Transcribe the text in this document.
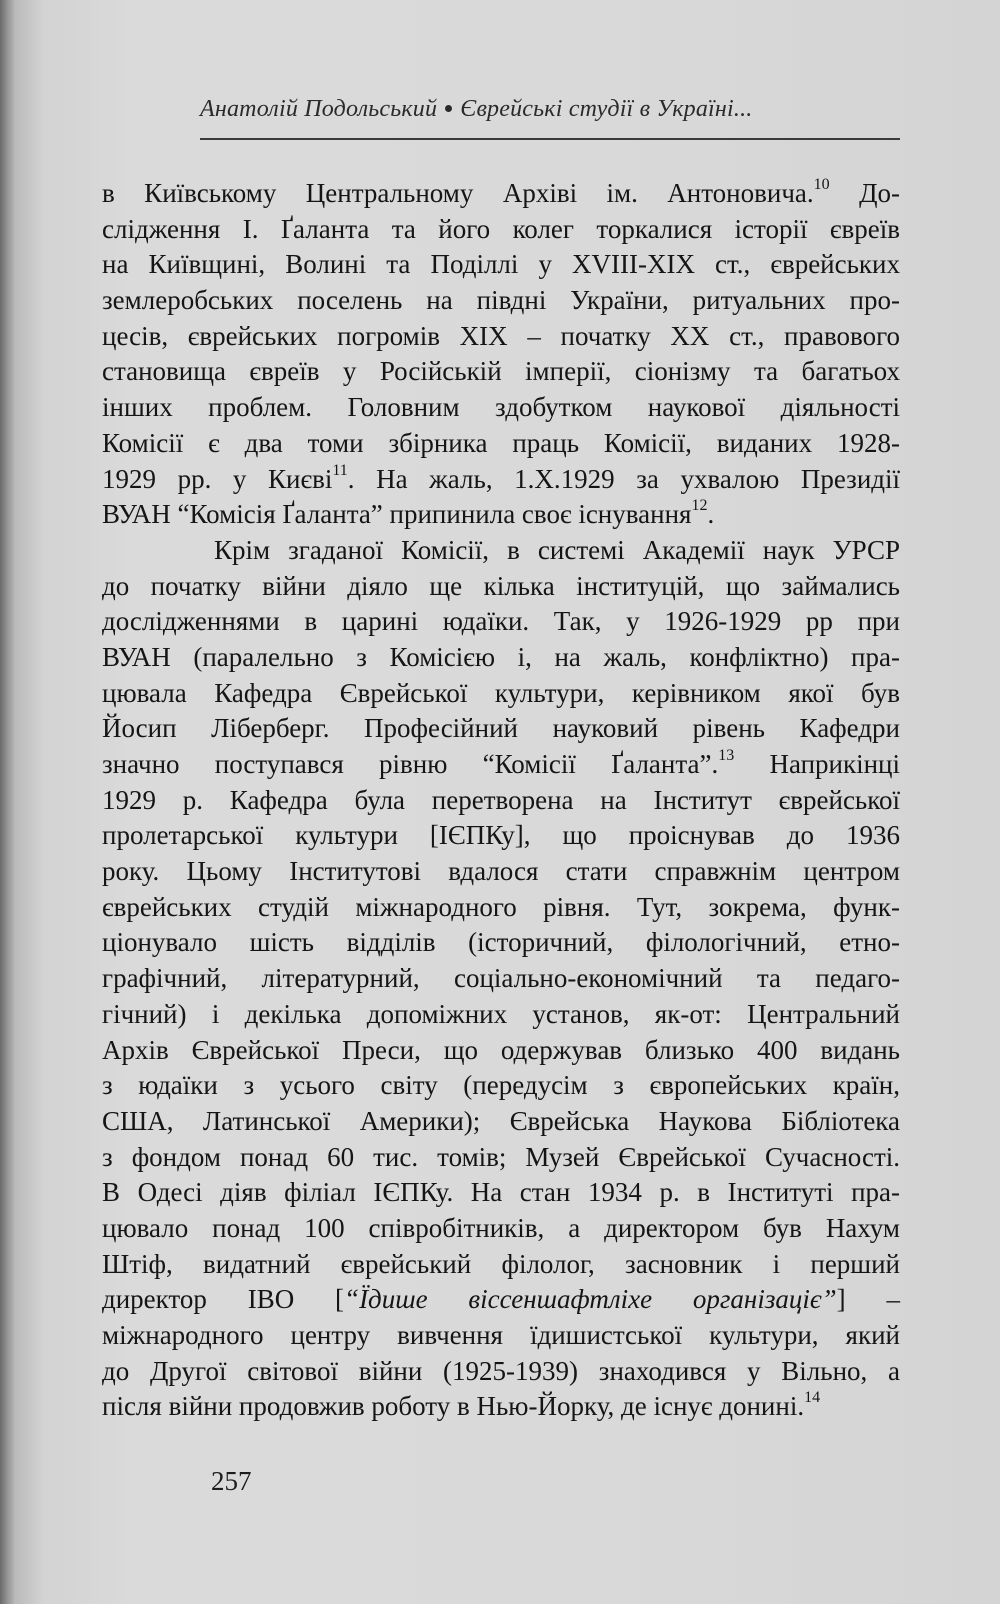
Анатолій Подольський Єврейські студії в Україні...
в Київському Центральному Архіві ім. Антоновича.$^{10}$ До-
слідження І. Ґаланта та його колег торкалися історії євреїв
на Київщині, Волині та Поділлі у XVIII-XIX ст., єврейських
землеробських поселень на півдні України, ритуальних про-
цесів, єврейських погромів XIX – початку XX ст., правового
становища євреїв у Російській імперії, сіонізму та багатьох
інших проблем. Головним здобутком наукової діяльності
Комісії є два томи збірника праць Комісії, виданих 1928-
1929 рр. у Києві$^{11}$. На жаль, 1.X.1929 за ухвалою Президії
ВУАН “Комісія Ґаланта” припинила своє існування$^{12}$.
Крім згаданої Комісії, в системі Академії наук УРСР
до початку війни діяло ще кілька інституцій, що займались
дослідженнями в царині юдаїки. Так, у 1926-1929 рр при
ВУАН (паралельно з Комісією і, на жаль, конфліктно) пра-
цювала Кафедра Єврейської культури, керівником якої був
Йосип Ліберберг. Професійний науковий рівень Кафедри
значно поступався рівню “Комісії Ґаланта”.$^{13}$ Наприкінці
1929 р. Кафедра була перетворена на Інститут єврейської
пролетарської культури [ІЄПКу], що проіснував до 1936
року. Цьому Інститутові вдалося стати справжнім центром
єврейських студій міжнародного рівня. Тут, зокрема, функ-
ціонувало шість відділів (історичний, філологічний, етно-
графічний, літературний, соціально-економічний та педаго-
гічний) і декілька допоміжних установ, як-от: Центральний
Архів Єврейської Преси, що одержував близько 400 видань
з юдаїки з усього світу (передусім з європейських країн,
США, Латинської Америки); Єврейська Наукова Бібліотека
з фондом понад 60 тис. томів; Музей Єврейської Сучасності.
В Одесі діяв філіал ІЄПКу. На стан 1934 р. в Інституті пра-
цювало понад 100 співробітників, а директором був Нахум
Штіф, видатний єврейський філолог, засновник і перший
директор ІВО [“Їдише віссеншафтліхе організаціє”] –
міжнародного центру вивчення їдишистської культури, який
до Другої світової війни (1925-1939) знаходився у Вільно, а
після війни продовжив роботу в Нью-Йорку, де існує донині.$^{14}$
257
